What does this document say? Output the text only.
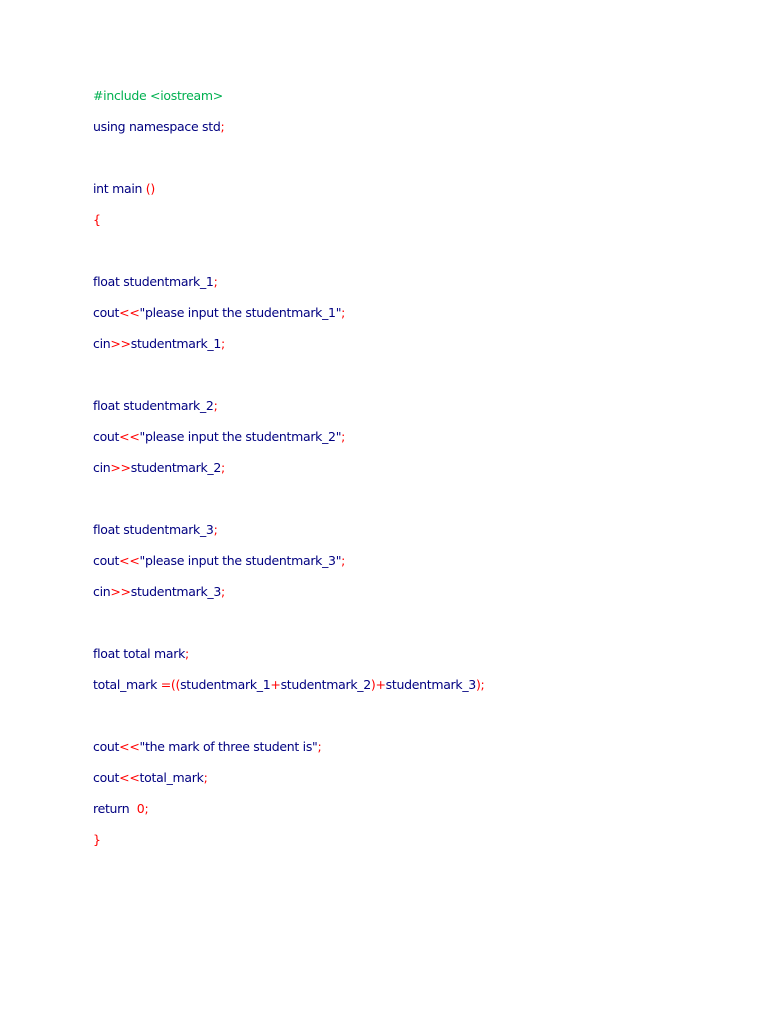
#include <iostream>
using namespace std;
int main ()
{
float studentmark_1;
cout<<"please input the studentmark_1";
cin>>studentmark_1;
float studentmark_2;
cout<<"please input the studentmark_2";
cin>>studentmark_2;
float studentmark_3;
cout<<"please input the studentmark_3";
cin>>studentmark_3;
float total mark;
total_mark =((studentmark_1+studentmark_2)+studentmark_3);
cout<<"the mark of three student is";
cout<<total_mark;
return 0;
}
